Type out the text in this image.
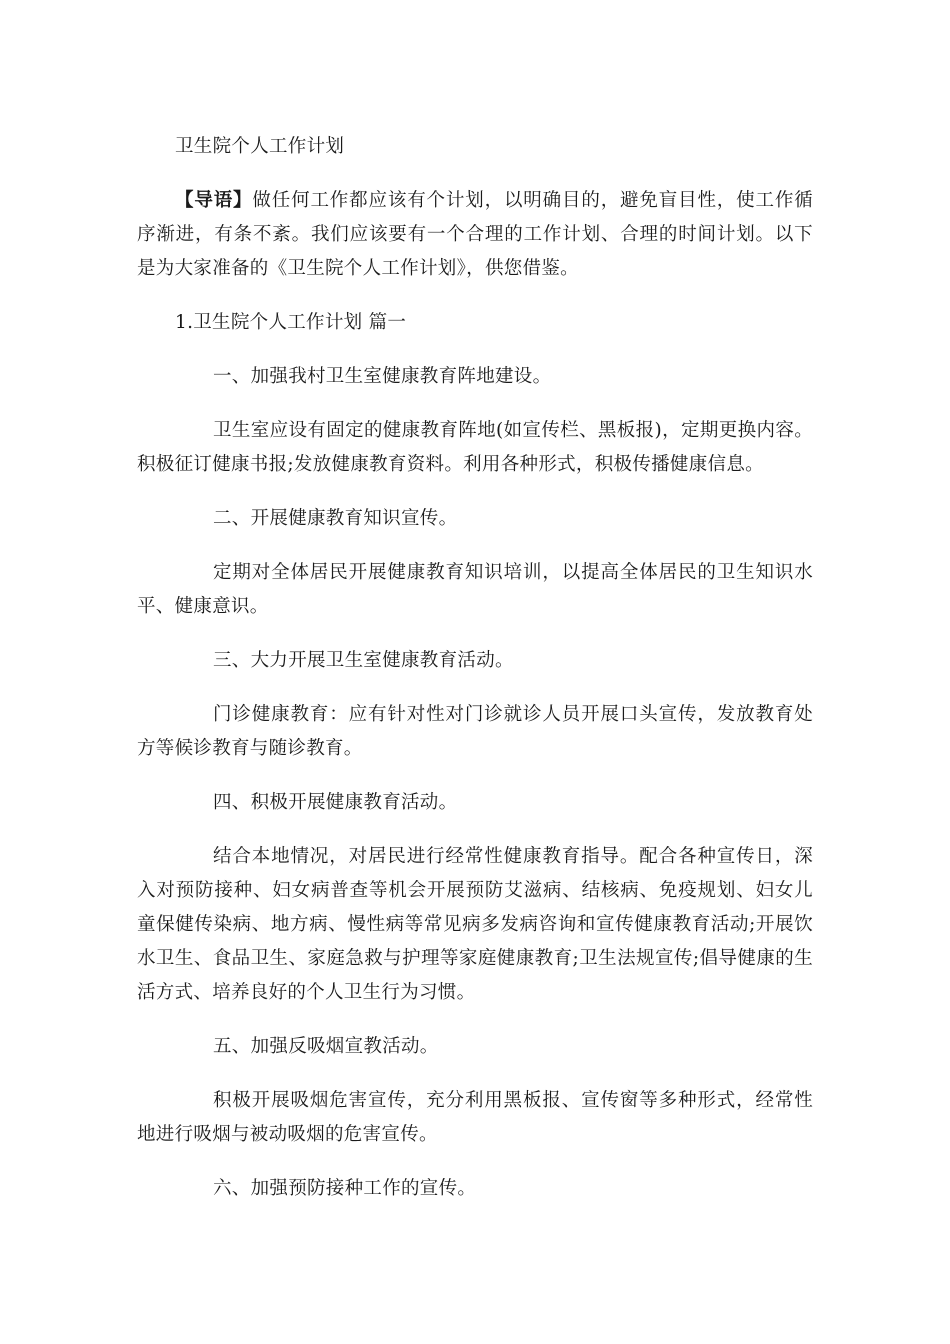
卫生院个人工作计划

【导语】做任何工作都应该有个计划，以明确目的，避免盲目性，使工作循序渐进，有条不紊。我们应该要有一个合理的工作计划、合理的时间计划。以下是为大家准备的《卫生院个人工作计划》，供您借鉴。

1.卫生院个人工作计划 篇一

一、加强我村卫生室健康教育阵地建设。

卫生室应设有固定的健康教育阵地(如宣传栏、黑板报)，定期更换内容。积极征订健康书报;发放健康教育资料。利用各种形式，积极传播健康信息。

二、开展健康教育知识宣传。

定期对全体居民开展健康教育知识培训，以提高全体居民的卫生知识水平、健康意识。

三、大力开展卫生室健康教育活动。

门诊健康教育：应有针对性对门诊就诊人员开展口头宣传，发放教育处方等候诊教育与随诊教育。

四、积极开展健康教育活动。

结合本地情况，对居民进行经常性健康教育指导。配合各种宣传日，深入对预防接种、妇女病普查等机会开展预防艾滋病、结核病、免疫规划、妇女儿童保健传染病、地方病、慢性病等常见病多发病咨询和宣传健康教育活动;开展饮水卫生、食品卫生、家庭急救与护理等家庭健康教育;卫生法规宣传;倡导健康的生活方式、培养良好的个人卫生行为习惯。

五、加强反吸烟宣教活动。

积极开展吸烟危害宣传，充分利用黑板报、宣传窗等多种形式，经常性地进行吸烟与被动吸烟的危害宣传。

六、加强预防接种工作的宣传。
